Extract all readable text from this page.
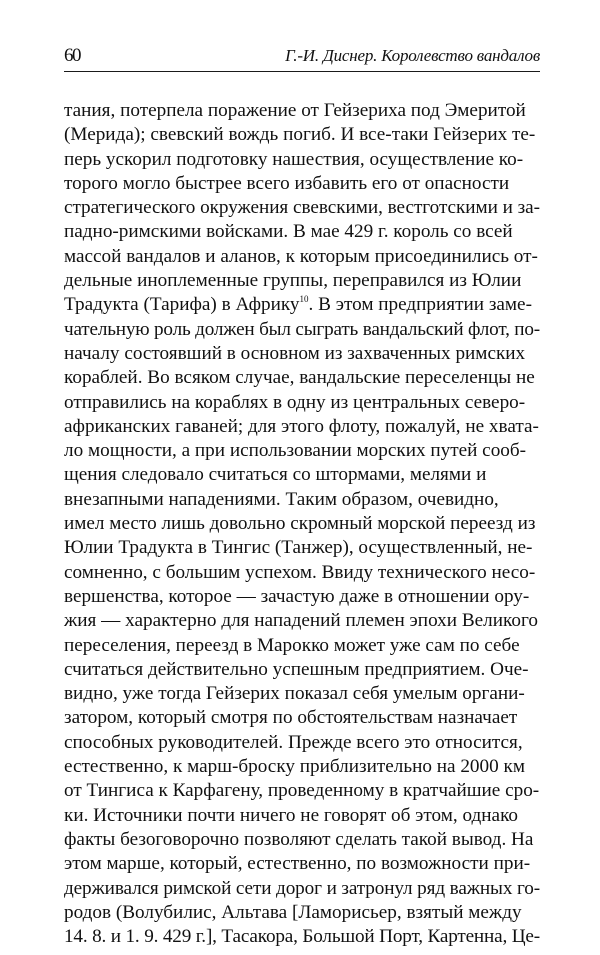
60	Г.-И. Диснер. Королевство вандалов
тания, потерпела поражение от Гейзериха под Эмеритой
(Мерида); свевский вождь погиб. И все-таки Гейзерих те-
перь ускорил подготовку нашествия, осуществление ко-
торого могло быстрее всего избавить его от опасности
стратегического окружения свевскими, вестготскими и за-
падно-римскими войсками. В мае 429 г. король со всей
массой вандалов и аланов, к которым присоединились от-
дельные иноплеменные группы, переправился из Юлии
Традукта (Тарифа) в Африку$^{10}$. В этом предприятии заме-
чательную роль должен был сыграть вандальский флот, по-
началу состоявший в основном из захваченных римских
кораблей. Во всяком случае, вандальские переселенцы не
отправились на кораблях в одну из центральных северо-
африканских гаваней; для этого флоту, пожалуй, не хвата-
ло мощности, а при использовании морских путей сооб-
щения следовало считаться со штормами, мелями и
внезапными нападениями. Таким образом, очевидно,
имел место лишь довольно скромный морской переезд из
Юлии Традукта в Тингис (Танжер), осуществленный, не-
сомненно, с большим успехом. Ввиду технического несо-
вершенства, которое — зачастую даже в отношении ору-
жия — характерно для нападений племен эпохи Великого
переселения, переезд в Марокко может уже сам по себе
считаться действительно успешным предприятием. Оче-
видно, уже тогда Гейзерих показал себя умелым органи-
затором, который смотря по обстоятельствам назначает
способных руководителей. Прежде всего это относится,
естественно, к марш-броску приблизительно на 2000 км
от Тингиса к Карфагену, проведенному в кратчайшие сро-
ки. Источники почти ничего не говорят об этом, однако
факты безоговорочно позволяют сделать такой вывод. На
этом марше, который, естественно, по возможности при-
держивался римской сети дорог и затронул ряд важных го-
родов (Волубилис, Альтава [Ламорисьер, взятый между
14. 8. и 1. 9. 429 г.], Тасакора, Большой Порт, Картенна, Це-
